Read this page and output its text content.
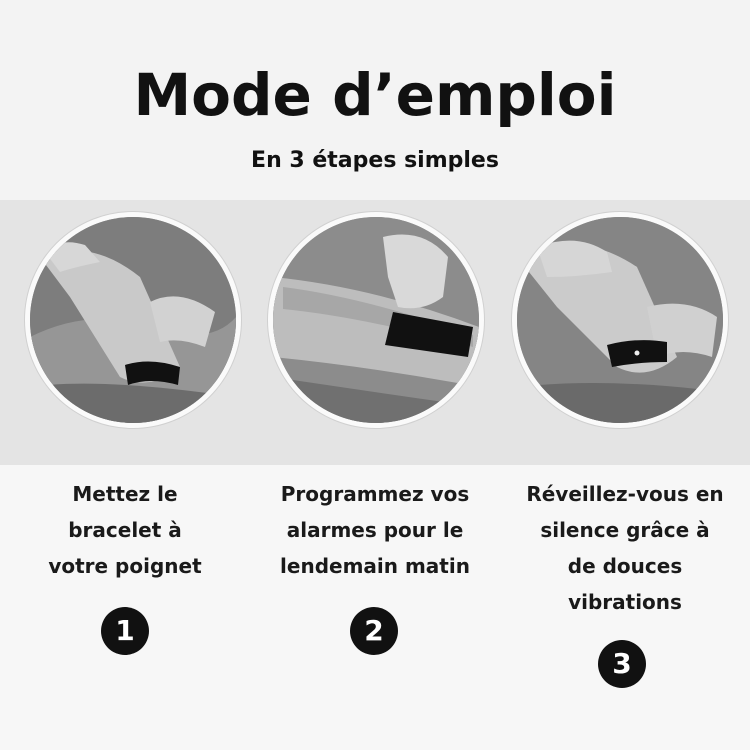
Mode d’emploi
En 3 étapes simples
Mettez le
bracelet à
votre poignet
Programmez vos
alarmes pour le
lendemain matin
Réveillez-vous en
silence grâce à
de douces
vibrations
1	2
3
